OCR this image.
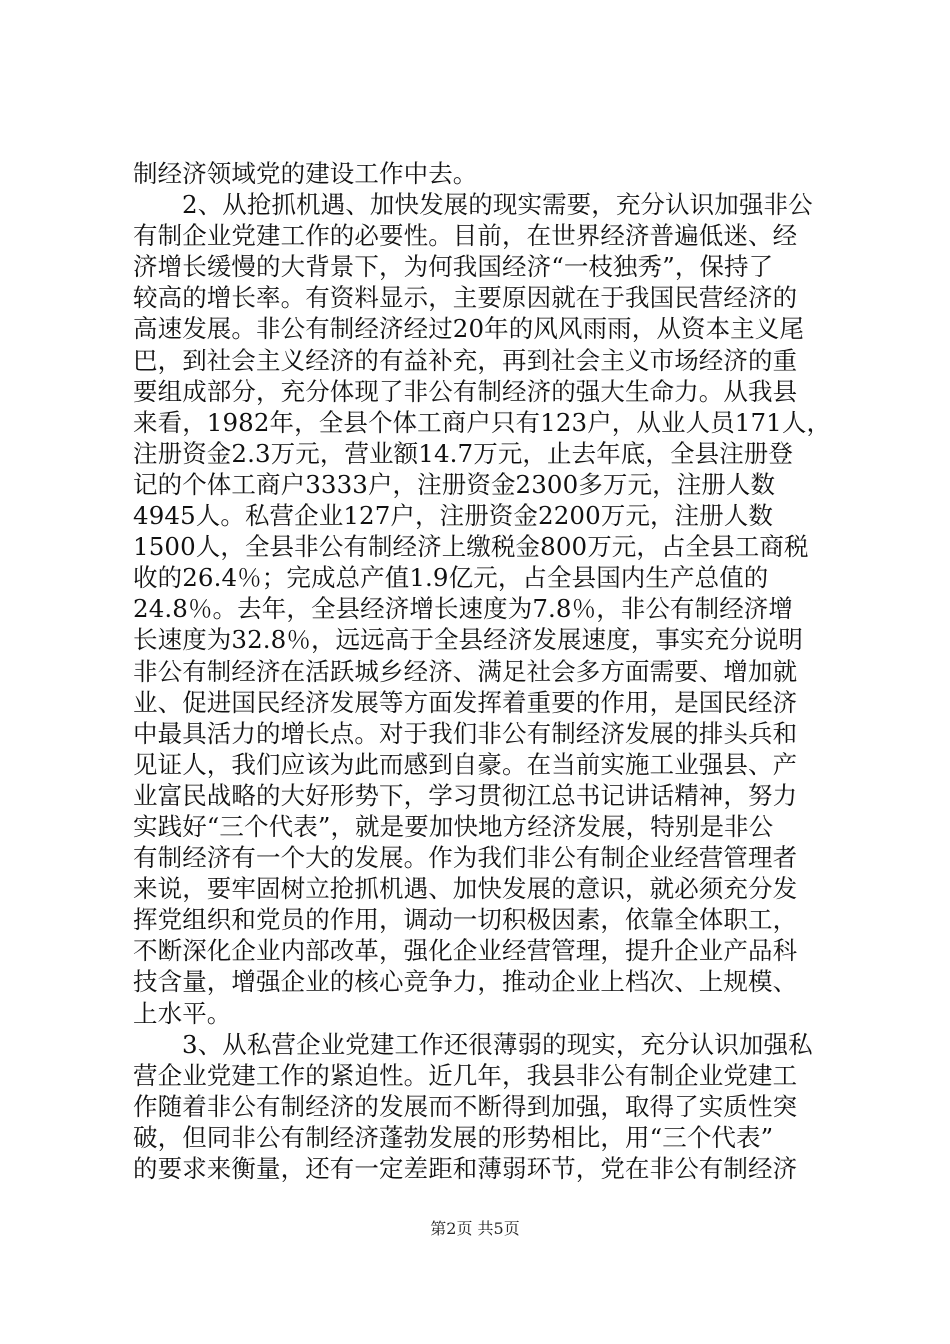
制经济领域党的建设工作中去。
2、从抢抓机遇、加快发展的现实需要，充分认识加强非公
有制企业党建工作的必要性。目前，在世界经济普遍低迷、经
济增长缓慢的大背景下，为何我国经济“一枝独秀”，保持了
较高的增长率。有资料显示，主要原因就在于我国民营经济的
高速发展。非公有制经济经过20年的风风雨雨，从资本主义尾
巴，到社会主义经济的有益补充，再到社会主义市场经济的重
要组成部分，充分体现了非公有制经济的强大生命力。从我县
来看，1982年，全县个体工商户只有123户，从业人员171人，
注册资金2.3万元，营业额14.7万元，止去年底，全县注册登
记的个体工商户3333户，注册资金2300多万元，注册人数
4945人。私营企业127户，注册资金2200万元，注册人数
1500人，全县非公有制经济上缴税金800万元，占全县工商税
收的26.4％；完成总产值1.9亿元，占全县国内生产总值的
24.8％。去年，全县经济增长速度为7.8％，非公有制经济增
长速度为32.8％，远远高于全县经济发展速度，事实充分说明
非公有制经济在活跃城乡经济、满足社会多方面需要、增加就
业、促进国民经济发展等方面发挥着重要的作用，是国民经济
中最具活力的增长点。对于我们非公有制经济发展的排头兵和
见证人，我们应该为此而感到自豪。在当前实施工业强县、产
业富民战略的大好形势下，学习贯彻江总书记讲话精神，努力
实践好“三个代表”，就是要加快地方经济发展，特别是非公
有制经济有一个大的发展。作为我们非公有制企业经营管理者
来说，要牢固树立抢抓机遇、加快发展的意识，就必须充分发
挥党组织和党员的作用，调动一切积极因素，依靠全体职工，
不断深化企业内部改革，强化企业经营管理，提升企业产品科
技含量，增强企业的核心竞争力，推动企业上档次、上规模、
上水平。
3、从私营企业党建工作还很薄弱的现实，充分认识加强私
营企业党建工作的紧迫性。近几年，我县非公有制企业党建工
作随着非公有制经济的发展而不断得到加强，取得了实质性突
破，但同非公有制经济蓬勃发展的形势相比，用“三个代表”
的要求来衡量，还有一定差距和薄弱环节，党在非公有制经济
第2页 共5页
